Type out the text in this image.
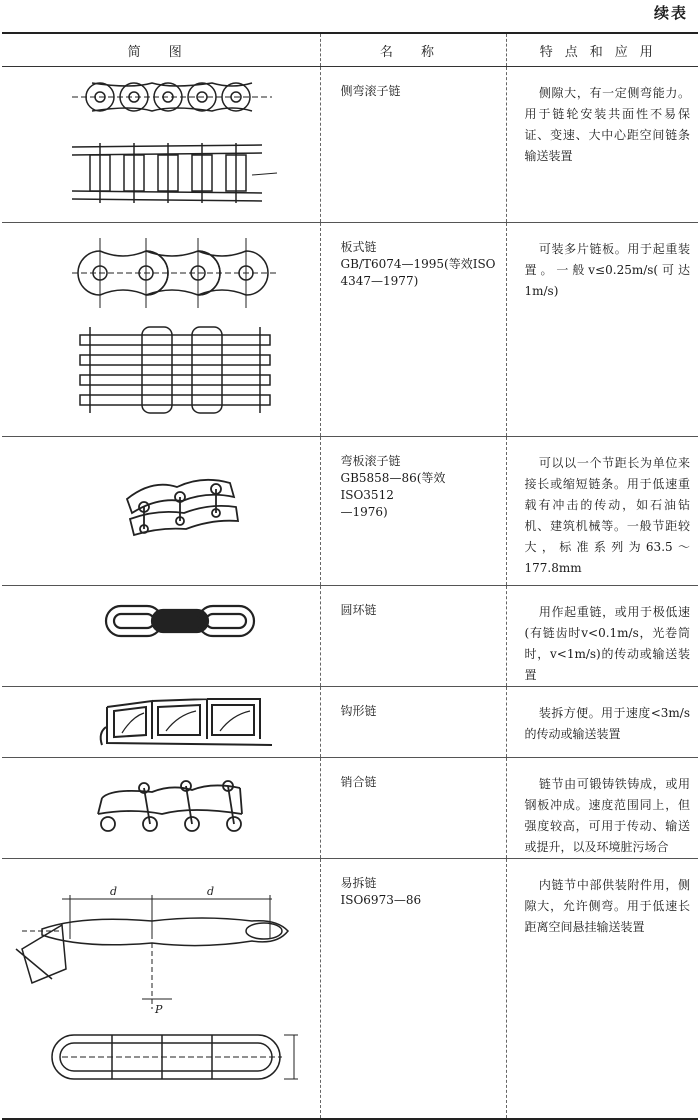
续表
简 图	名 称	特点和应用

侧弯滚子链	侧隙大，有一定侧弯能力。用于链轮安装共面性不易保证、变速、大中心距空间链条输送装置

板式链
GB/T6074—1995(等效ISO
4347—1977)	可装多片链板。用于起重装置。一般v≤0.25m/s(可达1m/s)

弯板滚子链
GB5858—86(等效ISO3512
—1976)	可以以一个节距长为单位来接长或缩短链条。用于低速重载有冲击的传动，如石油钻机、建筑机械等。一般节距较大，标准系列为63.5～177.8mm

圆环链	用作起重链，或用于极低速(有链齿时v<0.1m/s，光卷筒时，v<1m/s)的传动或输送装置

钩形链	装拆方便。用于速度<3m/s的传动或输送装置

销合链	链节由可锻铸铁铸成，或用钢板冲成。速度范围同上，但强度较高，可用于传动、输送或提升，以及环境脏污场合

d d
P	易拆链
ISO6973—86	内链节中部供装附件用，侧隙大，允许侧弯。用于低速长距离空间悬挂输送装置
